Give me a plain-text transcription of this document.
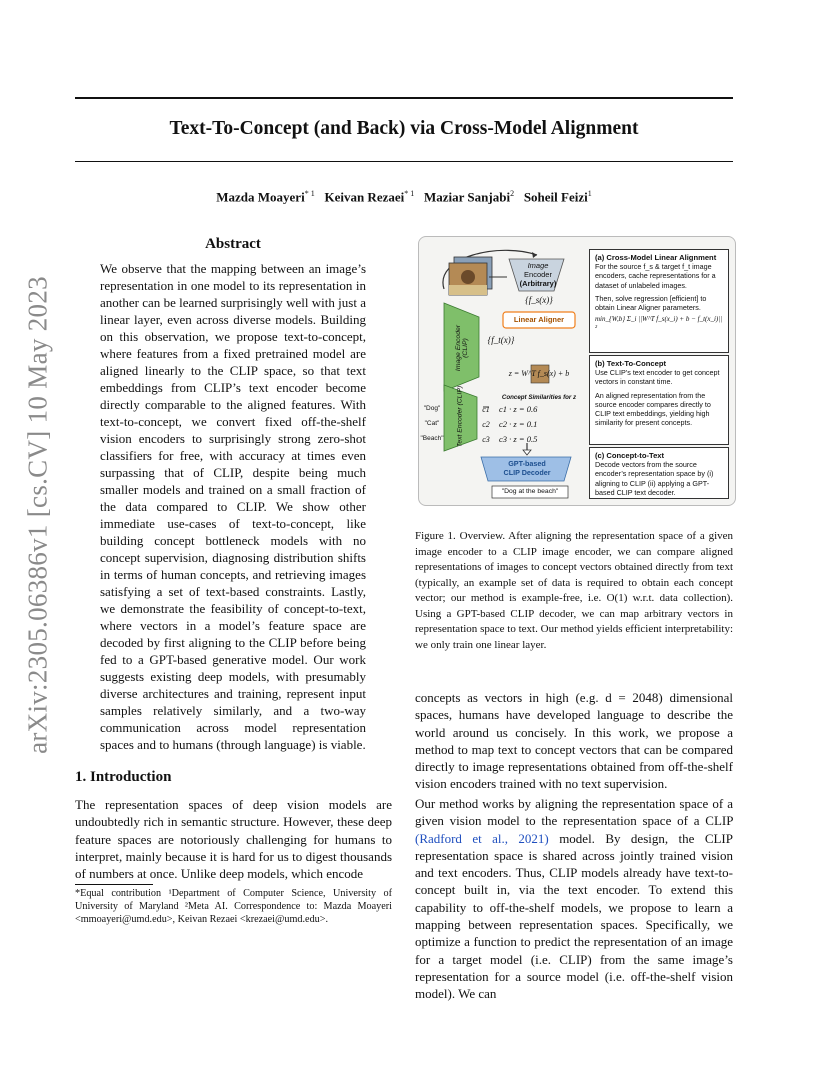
Text-To-Concept (and Back) via Cross-Model Alignment
Mazda Moayeri$^{* 1}$ Keivan Rezaei$^{* 1}$ Maziar Sanjabi$^2$ Soheil Feizi$^1$
arXiv:2305.06386v1 [cs.CV] 10 May 2023
Abstract
We observe that the mapping between an image’s representation in one model to its representation in another can be learned surprisingly well with just a linear layer, even across diverse models. Building on this observation, we propose text-to-concept, where features from a fixed pretrained model are aligned linearly to the CLIP space, so that text embeddings from CLIP’s text encoder become directly comparable to the aligned features. With text-to-concept, we convert fixed off-the-shelf vision encoders to surprisingly strong zero-shot classifiers for free, with accuracy at times even surpassing that of CLIP, despite being much smaller models and trained on a small fraction of the data compared to CLIP. We show other immediate use-cases of text-to-concept, like building concept bottleneck models with no concept supervision, diagnosing distribution shifts in terms of human concepts, and retrieving images satisfying a set of text-based constraints. Lastly, we demonstrate the feasibility of concept-to-text, where vectors in a model’s feature space are decoded by first aligning to the CLIP before being fed to a GPT-based generative model. Our work suggests existing deep models, with presumably diverse architectures and training, represent input samples relatively similarly, and a two-way communication across model representation spaces and to humans (through language) is viable.
1. Introduction
The representation spaces of deep vision models are undoubtedly rich in semantic structure. However, these deep feature spaces are notoriously challenging for humans to interpret, mainly because it is hard for us to digest thousands of numbers at once. Unlike deep models, which encode
*Equal contribution ¹Department of Computer Science, University of University of Maryland ²Meta AI. Correspondence to: Mazda Moayeri <mmoayeri@umd.edu>, Keivan Rezaei <krezaei@umd.edu>.
Image
Encoder
(Arbitrary)
{f_s(x)}
Linear Aligner
{f_t(x)}
Image Encoder (CLIP)
Text Encoder (CLIP)
z = W^T f_s(x) + b
Concept Similarities for z
"Dog"
"Cat"
"Beach"
c1
c2
c3
c1 · z = 0.6
c2 · z = 0.1
c3 · z = 0.5
GPT-based
CLIP Decoder
"Dog at the beach"
(a) Cross-Model Linear Alignment
For the source f_s & target f_t image encoders, cache representations for a dataset of unlabeled images.
Then, solve regression [efficient] to obtain Linear Aligner parameters.
min_{W,b} Σ_i ||W^T f_s(x_i) + b − f_t(x_i)||²
(b) Text-To-Concept
Use CLIP’s text encoder to get concept vectors in constant time.
An aligned representation from the source encoder compares directly to CLIP text embeddings, yielding high similarity for present concepts.
(c) Concept-to-Text
Decode vectors from the source encoder’s representation space by (i) aligning to CLIP (ii) applying a GPT-based CLIP text decoder.
Figure 1. Overview. After aligning the representation space of a given image encoder to a CLIP image encoder, we can compare aligned representations of images to concept vectors obtained directly from text (typically, an example set of data is required to obtain each concept vector; our method is example-free, i.e. O(1) w.r.t. data collection). Using a GPT-based CLIP decoder, we can map arbitrary vectors in representation space to text. Our method yields efficient interpretability: we only train one linear layer.
concepts as vectors in high (e.g. d = 2048) dimensional spaces, humans have developed language to describe the world around us concisely. In this work, we propose a method to map text to concept vectors that can be compared directly to image representations obtained from off-the-shelf vision encoders trained with no text supervision.
Our method works by aligning the representation space of a given vision model to the representation space of a CLIP (Radford et al., 2021) model. By design, the CLIP representation space is shared across jointly trained vision and text encoders. Thus, CLIP models already have text-to-concept built in, via the text encoder. To extend this capability to off-the-shelf models, we propose to learn a mapping between representation spaces. Specifically, we optimize a function to predict the representation of an image for a target model (i.e. CLIP) from the same image’s representation for a source model (i.e. off-the-shelf vision model). We can
